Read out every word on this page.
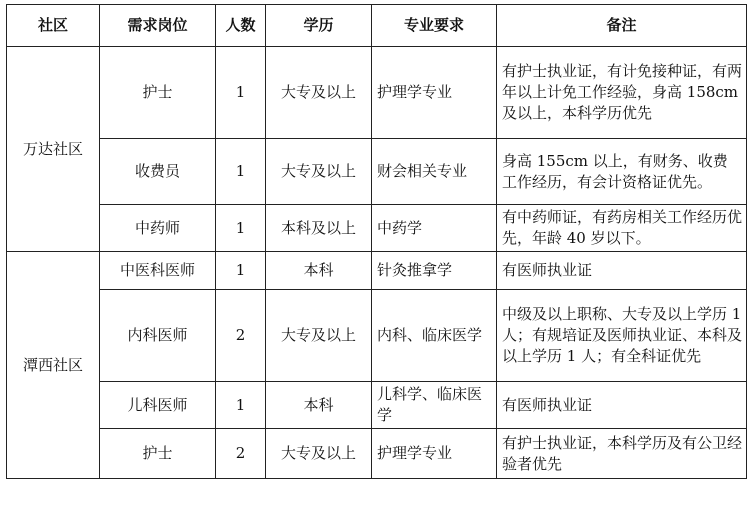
社区	需求岗位	人数	学历	专业要求	备注
万达社区	护士	1	大专及以上	护理学专业	有护士执业证，有计免接种证，有两年以上计免工作经验，身高 158cm 及以上，本科学历优先
	收费员	1	大专及以上	财会相关专业	身高 155cm 以上，有财务、收费工作经历，有会计资格证优先。
	中药师	1	本科及以上	中药学	有中药师证，有药房相关工作经历优先，年龄 40 岁以下。
潭西社区	中医科医师	1	本科	针灸推拿学	有医师执业证
	内科医师	2	大专及以上	内科、临床医学	中级及以上职称、大专及以上学历 1 人；有规培证及医师执业证、本科及以上学历 1 人；有全科证优先
	儿科医师	1	本科	儿科学、临床医学	有医师执业证
	护士	2	大专及以上	护理学专业	有护士执业证，本科学历及有公卫经验者优先
